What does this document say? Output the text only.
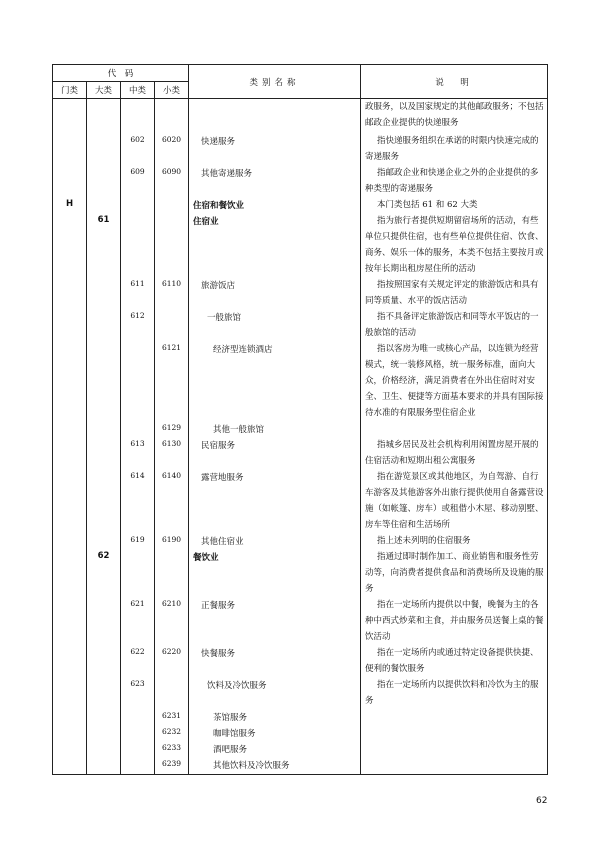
代　码				类别名称	说　明
门类	大类	中类	小类		
					政服务，以及国家规定的其他邮政服务；不包括邮政企业提供的快递服务
		602	6020	快递服务	指快递服务组织在承诺的时限内快速完成的寄递服务
		609	6090	其他寄递服务	指邮政企业和快递企业之外的企业提供的多种类型的寄递服务
H				住宿和餐饮业	本门类包括 61 和 62 大类
	61			住宿业	指为旅行者提供短期留宿场所的活动，有些单位只提供住宿，也有些单位提供住宿、饮食、商务、娱乐一体的服务，本类不包括主要按月或按年长期出租房屋住所的活动
		611	6110	旅游饭店	指按照国家有关规定评定的旅游饭店和具有同等质量、水平的饭店活动
		612		一般旅馆	指不具备评定旅游饭店和同等水平饭店的一般旅馆的活动
			6121	经济型连锁酒店	指以客房为唯一或核心产品，以连锁为经营模式，统一装修风格，统一服务标准，面向大众，价格经济，满足消费者在外出住宿时对安全、卫生、便捷等方面基本要求的并具有国际接待水准的有限服务型住宿企业
			6129	其他一般旅馆	
		613	6130	民宿服务	指城乡居民及社会机构利用闲置房屋开展的住宿活动和短期出租公寓服务
		614	6140	露营地服务	指在游览景区或其他地区，为自驾游、自行车游客及其他游客外出旅行提供使用自备露营设施（如帐篷、房车）或租借小木屋、移动别墅、房车等住宿和生活场所
		619	6190	其他住宿业	指上述未列明的住宿服务
	62			餐饮业	指通过即时制作加工、商业销售和服务性劳动等，向消费者提供食品和消费场所及设施的服务
		621	6210	正餐服务	指在一定场所内提供以中餐，晚餐为主的各种中西式炒菜和主食，并由服务员送餐上桌的餐饮活动
		622	6220	快餐服务	指在一定场所内或通过特定设备提供快捷、便利的餐饮服务
		623		饮料及冷饮服务	指在一定场所内以提供饮料和冷饮为主的服务
			6231	茶馆服务	
			6232	咖啡馆服务	
			6233	酒吧服务	
			6239	其他饮料及冷饮服务	
62
